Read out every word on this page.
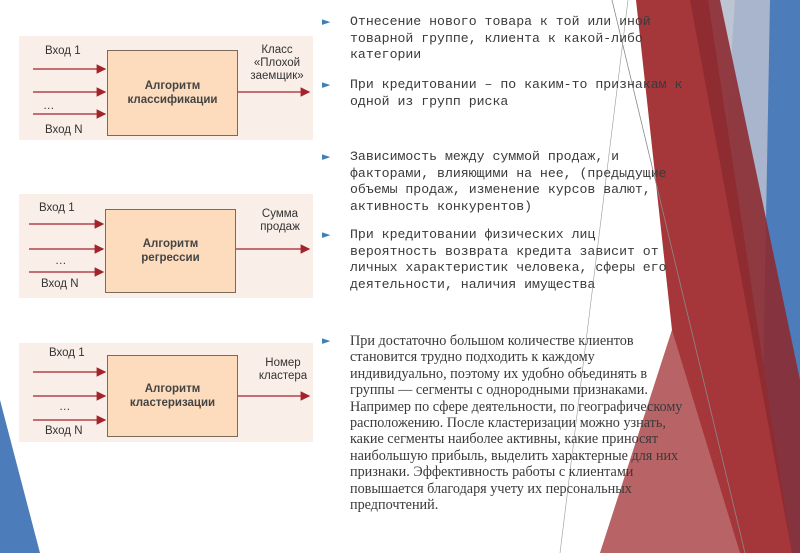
Вход 1
…
Вход N
Алгоритм
классификации
Класс
«Плохой
заемщик»
Вход 1
…
Вход N
Алгоритм
регрессии
Сумма
продаж
Вход 1
…
Вход N
Алгоритм
кластеризации
Номер
кластера
► Отнесение нового товара к той или иной товарной группе, клиента к какой-либо категории
► При кредитовании – по каким-то признакам к одной из групп риска
► Зависимость между суммой продаж, и факторами, влияющими на нее, (предыдущие объемы продаж, изменение курсов валют, активность конкурентов)
► При кредитовании физических лиц вероятность возврата кредита зависит от личных характеристик человека, сферы его деятельности, наличия имущества
► При достаточно большом количестве клиентов становится трудно подходить к каждому индивидуально, поэтому их удобно объединять в группы — сегменты с однородными признаками. Например по сфере деятельности, по географическому расположению. После кластеризации можно узнать, какие сегменты наиболее активны, какие приносят наибольшую прибыль, выделить характерные для них признаки. Эффективность работы с клиентами повышается благодаря учету их персональных предпочтений.
